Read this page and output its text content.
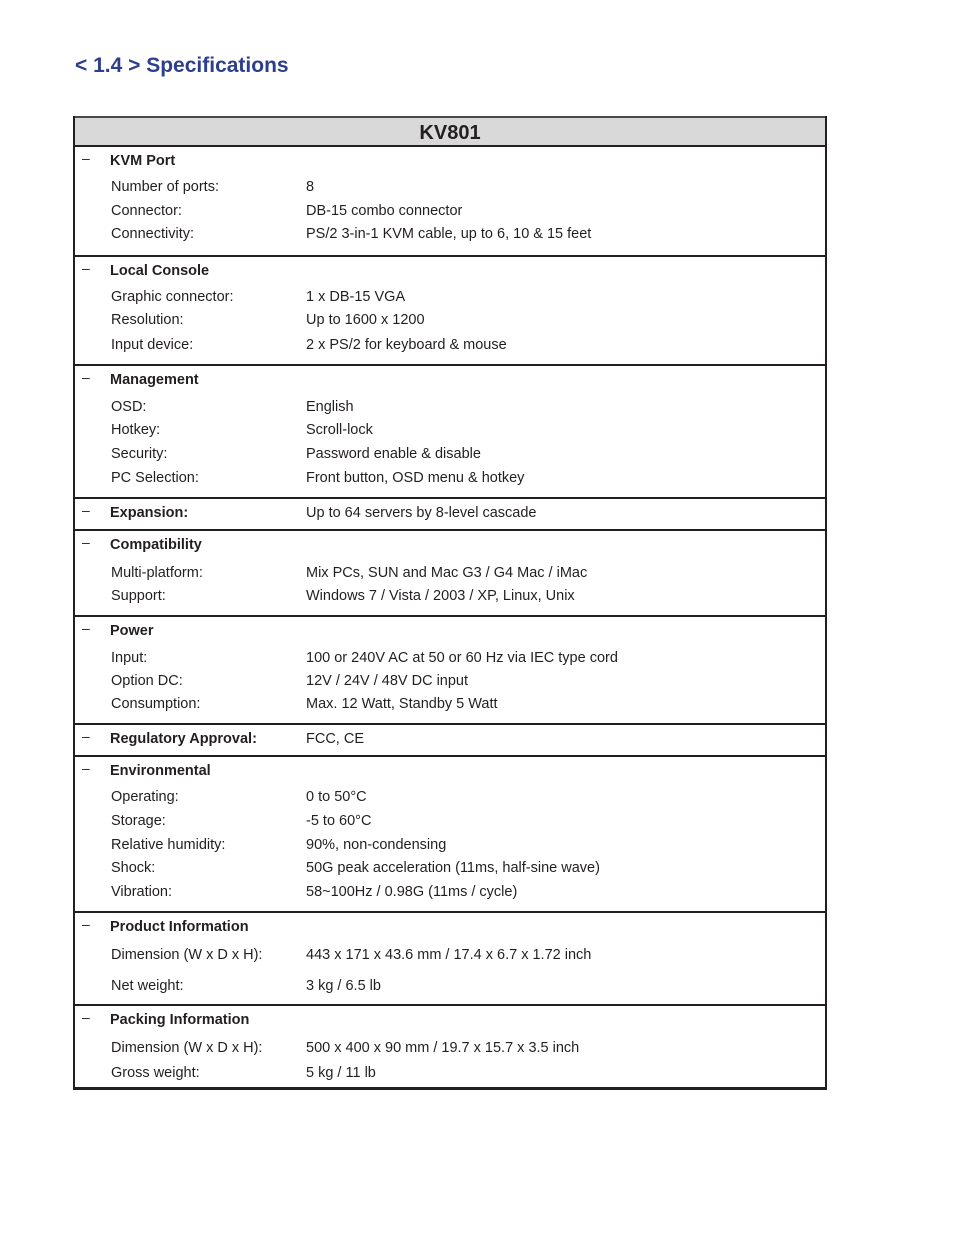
< 1.4 > Specifications
KV801
– KVM Port
Number of ports:	8
Connector:	DB-15 combo connector
Connectivity:	PS/2 3-in-1 KVM cable, up to 6, 10 & 15 feet
– Local Console
Graphic connector:	1 x DB-15 VGA
Resolution:	Up to 1600 x 1200
Input device:	2 x PS/2 for keyboard & mouse
– Management
OSD:	English
Hotkey:	Scroll-lock
Security:	Password enable & disable
PC Selection:	Front button, OSD menu & hotkey
– Expansion:	Up to 64 servers by 8-level cascade
– Compatibility
Multi-platform:	Mix PCs, SUN and Mac G3 / G4 Mac / iMac
Support:	Windows 7 / Vista / 2003 / XP, Linux, Unix
– Power
Input:	100 or 240V AC at 50 or 60 Hz via IEC type cord
Option DC:	12V / 24V / 48V DC input
Consumption:	Max. 12 Watt, Standby 5 Watt
– Regulatory Approval:	FCC, CE
– Environmental
Operating:	0 to 50°C
Storage:	-5 to 60°C
Relative humidity:	90%, non-condensing
Shock:	50G peak acceleration (11ms, half-sine wave)
Vibration:	58~100Hz / 0.98G (11ms / cycle)
– Product Information
Dimension (W x D x H):	443 x 171 x 43.6 mm / 17.4 x 6.7 x 1.72 inch
Net weight:	3 kg / 6.5 lb
– Packing Information
Dimension (W x D x H):	500 x 400 x 90 mm / 19.7 x 15.7 x 3.5 inch
Gross weight:	5 kg / 11 lb
